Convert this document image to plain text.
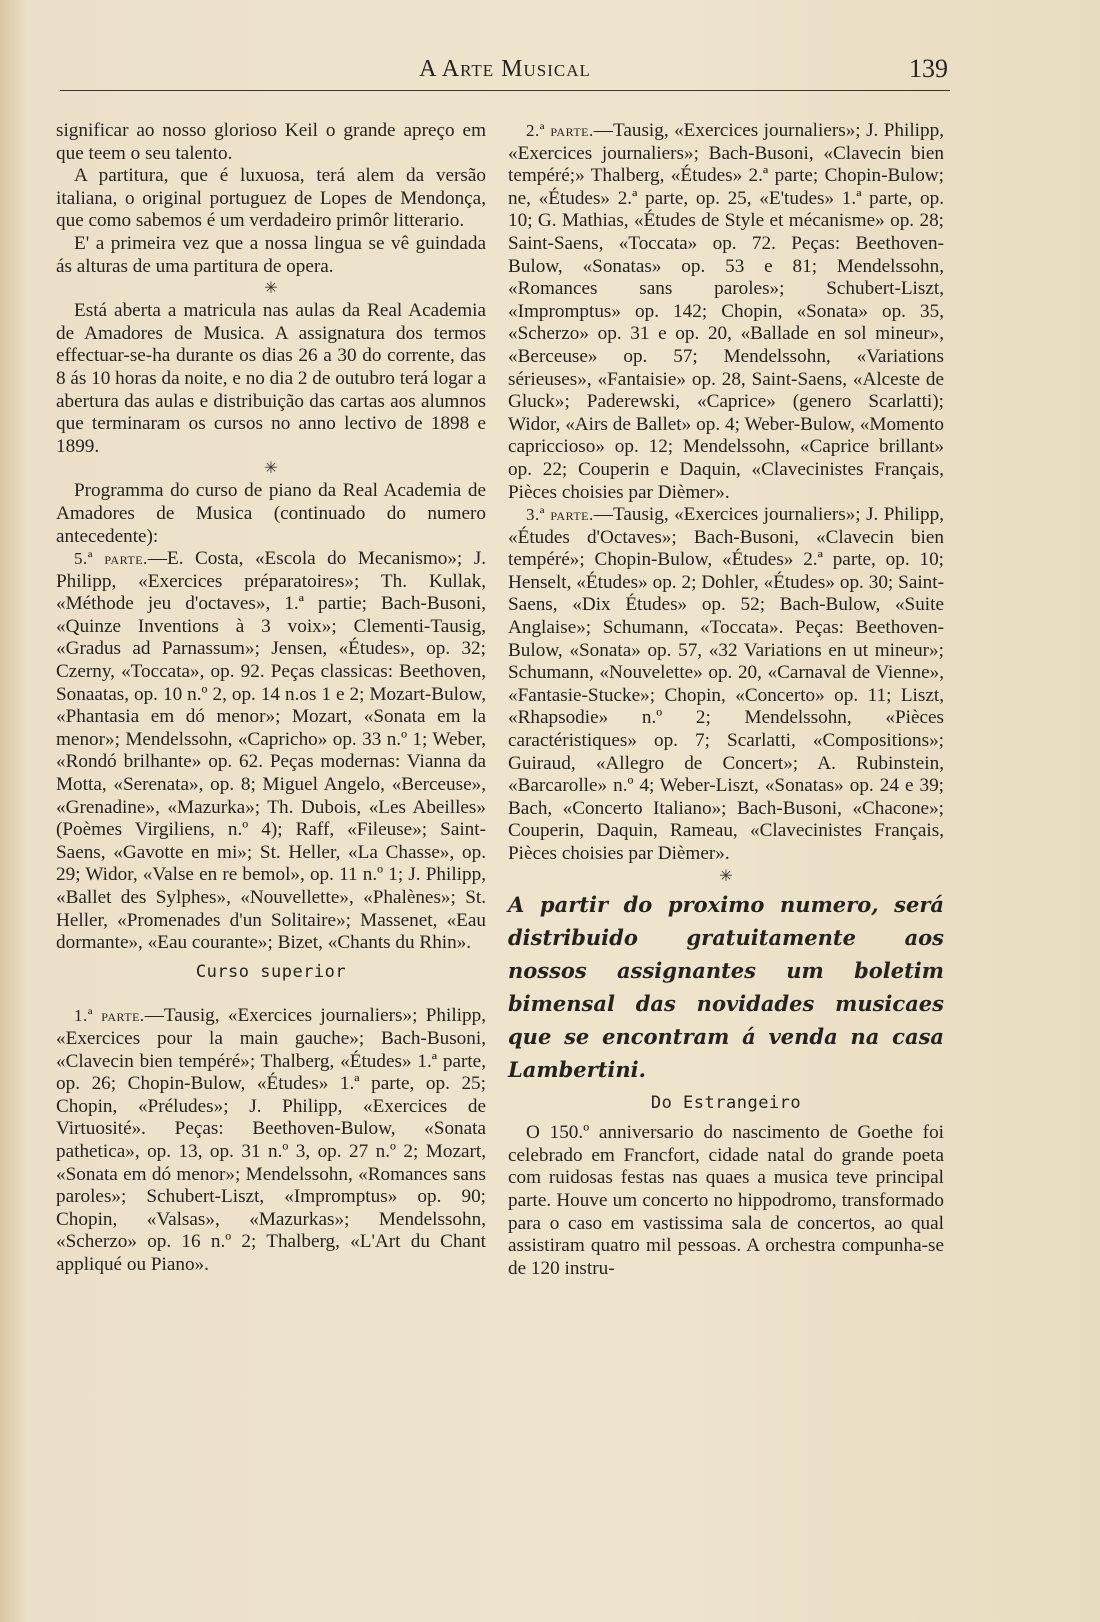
A Arte Musical	139

significar ao nosso glorioso Keil o grande apreço em que teem o seu talento.

A partitura, que é luxuosa, terá alem da versão italiana, o original portuguez de Lopes de Mendonça, que como sabemos é um verdadeiro primôr litterario.

E' a primeira vez que a nossa lingua se vê guindada ás alturas de uma partitura de opera.

✳

Está aberta a matricula nas aulas da Real Academia de Amadores de Musica. A assignatura dos termos effectuar-se-ha durante os dias 26 a 30 do corrente, das 8 ás 10 horas da noite, e no dia 2 de outubro terá logar a abertura das aulas e distribuição das cartas aos alumnos que terminaram os cursos no anno lectivo de 1898 e 1899.

✳

Programma do curso de piano da Real Academia de Amadores de Musica (continuado do numero antecedente):

5.ª parte.—E. Costa, «Escola do Mecanismo»; J. Philipp, «Exercices préparatoires»; Th. Kullak, «Méthode jeu d'octaves», 1.ª partie; Bach-Busoni, «Quinze Inventions à 3 voix»; Clementi-Tausig, «Gradus ad Parnassum»; Jensen, «Études», op. 32; Czerny, «Toccata», op. 92. Peças classicas: Beethoven, Sonaatas, op. 10 n.º 2, op. 14 n.os 1 e 2; Mozart-Bulow, «Phantasia em dó menor»; Mozart, «Sonata em la menor»; Mendelssohn, «Capricho» op. 33 n.º 1; Weber, «Rondó brilhante» op. 62. Peças modernas: Vianna da Motta, «Serenata», op. 8; Miguel Angelo, «Berceuse», «Grenadine», «Mazurka»; Th. Dubois, «Les Abeilles» (Poèmes Virgiliens, n.º 4); Raff, «Fileuse»; Saint-Saens, «Gavotte en mi»; St. Heller, «La Chasse», op. 29; Widor, «Valse en re bemol», op. 11 n.º 1; J. Philipp, «Ballet des Sylphes», «Nouvellette», «Phalènes»; St. Heller, «Promenades d'un Solitaire»; Massenet, «Eau dormante», «Eau courante»; Bizet, «Chants du Rhin».

Curso superior

1.ª parte.—Tausig, «Exercices journaliers»; Philipp, «Exercices pour la main gauche»; Bach-Busoni, «Clavecin bien tempéré»; Thalberg, «Études» 1.ª parte, op. 26; Chopin-Bulow, «Études» 1.ª parte, op. 25; Chopin, «Préludes»; J. Philipp, «Exercices de Virtuosité». Peças: Beethoven-Bulow, «Sonata pathetica», op. 13, op. 31 n.º 3, op. 27 n.º 2; Mozart, «Sonata em dó menor»; Mendelssohn, «Romances sans paroles»; Schubert-Liszt, «Impromptus» op. 90; Chopin, «Valsas», «Mazurkas»; Mendelssohn, «Scherzo» op. 16 n.º 2; Thalberg, «L'Art du Chant appliqué ou Piano».

2.ª parte.—Tausig, «Exercices journaliers»; J. Philipp, «Exercices journaliers»; Bach-Busoni, «Clavecin bien tempéré;» Thalberg, «Études» 2.ª parte; Chopin-Bulow; ne, «Études» 2.ª parte, op. 25, «E'tudes» 1.ª parte, op. 10; G. Mathias, «Études de Style et mécanisme» op. 28; Saint-Saens, «Toccata» op. 72. Peças: Beethoven-Bulow, «Sonatas» op. 53 e 81; Mendelssohn, «Romances sans paroles»; Schubert-Liszt, «Impromptus» op. 142; Chopin, «Sonata» op. 35, «Scherzo» op. 31 e op. 20, «Ballade en sol mineur», «Berceuse» op. 57; Mendelssohn, «Variations sérieuses», «Fantaisie» op. 28, Saint-Saens, «Alceste de Gluck»; Paderewski, «Caprice» (genero Scarlatti); Widor, «Airs de Ballet» op. 4; Weber-Bulow, «Momento capriccioso» op. 12; Mendelssohn, «Caprice brillant» op. 22; Couperin e Daquin, «Clavecinistes Français, Pièces choisies par Dièmer».

3.ª parte.—Tausig, «Exercices journaliers»; J. Philipp, «Études d'Octaves»; Bach-Busoni, «Clavecin bien tempéré»; Chopin-Bulow, «Études» 2.ª parte, op. 10; Henselt, «Études» op. 2; Dohler, «Études» op. 30; Saint-Saens, «Dix Études» op. 52; Bach-Bulow, «Suite Anglaise»; Schumann, «Toccata». Peças: Beethoven-Bulow, «Sonata» op. 57, «32 Variations en ut mineur»; Schumann, «Nouvelette» op. 20, «Carnaval de Vienne», «Fantasie-Stucke»; Chopin, «Concerto» op. 11; Liszt, «Rhapsodie» n.º 2; Mendelssohn, «Pièces caractéristiques» op. 7; Scarlatti, «Compositions»; Guiraud, «Allegro de Concert»; A. Rubinstein, «Barcarolle» n.º 4; Weber-Liszt, «Sonatas» op. 24 e 39; Bach, «Concerto Italiano»; Bach-Busoni, «Chacone»; Couperin, Daquin, Rameau, «Clavecinistes Français, Pièces choisies par Dièmer».

✳

A partir do proximo numero, será distribuido gratuitamente aos nossos assignantes um boletim bimensal das novidades musicaes que se encontram á venda na casa Lambertini.

Do Estrangeiro

O 150.º anniversario do nascimento de Goethe foi celebrado em Francfort, cidade natal do grande poeta com ruidosas festas nas quaes a musica teve principal parte. Houve um concerto no hippodromo, transformado para o caso em vastissima sala de concertos, ao qual assistiram quatro mil pessoas. A orchestra compunha-se de 120 instru-
